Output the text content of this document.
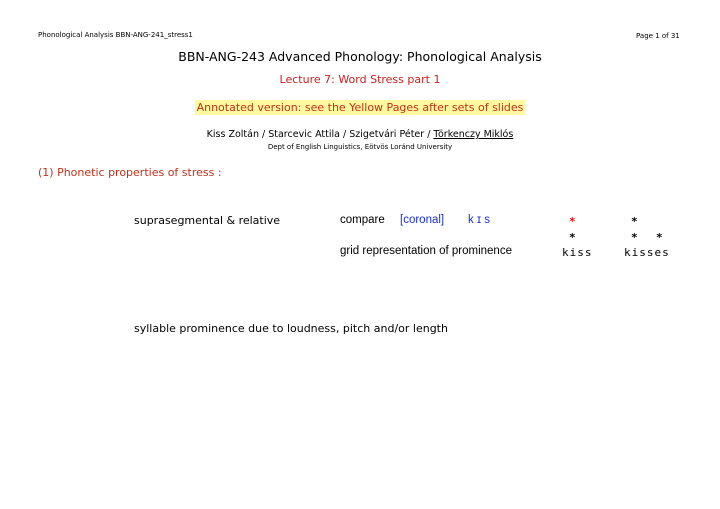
Phonological Analysis BBN-ANG-241_stress1	Page 1 of 31
BBN-ANG-243 Advanced Phonology: Phonological Analysis
Lecture 7: Word Stress part 1
Annotated version: see the Yellow Pages after sets of slides
Kiss Zoltán / Starcevic Attila / Szigetvári Péter / Törkenczy Miklós
Dept of English Linguistics, Eötvös Loránd University
(1) Phonetic properties of stress :
suprasegmental & relative	compare [coronal] k ɪ s	*	*
*	* *
grid representation of prominence	kiss	kisses
syllable prominence due to loudness, pitch and/or length
